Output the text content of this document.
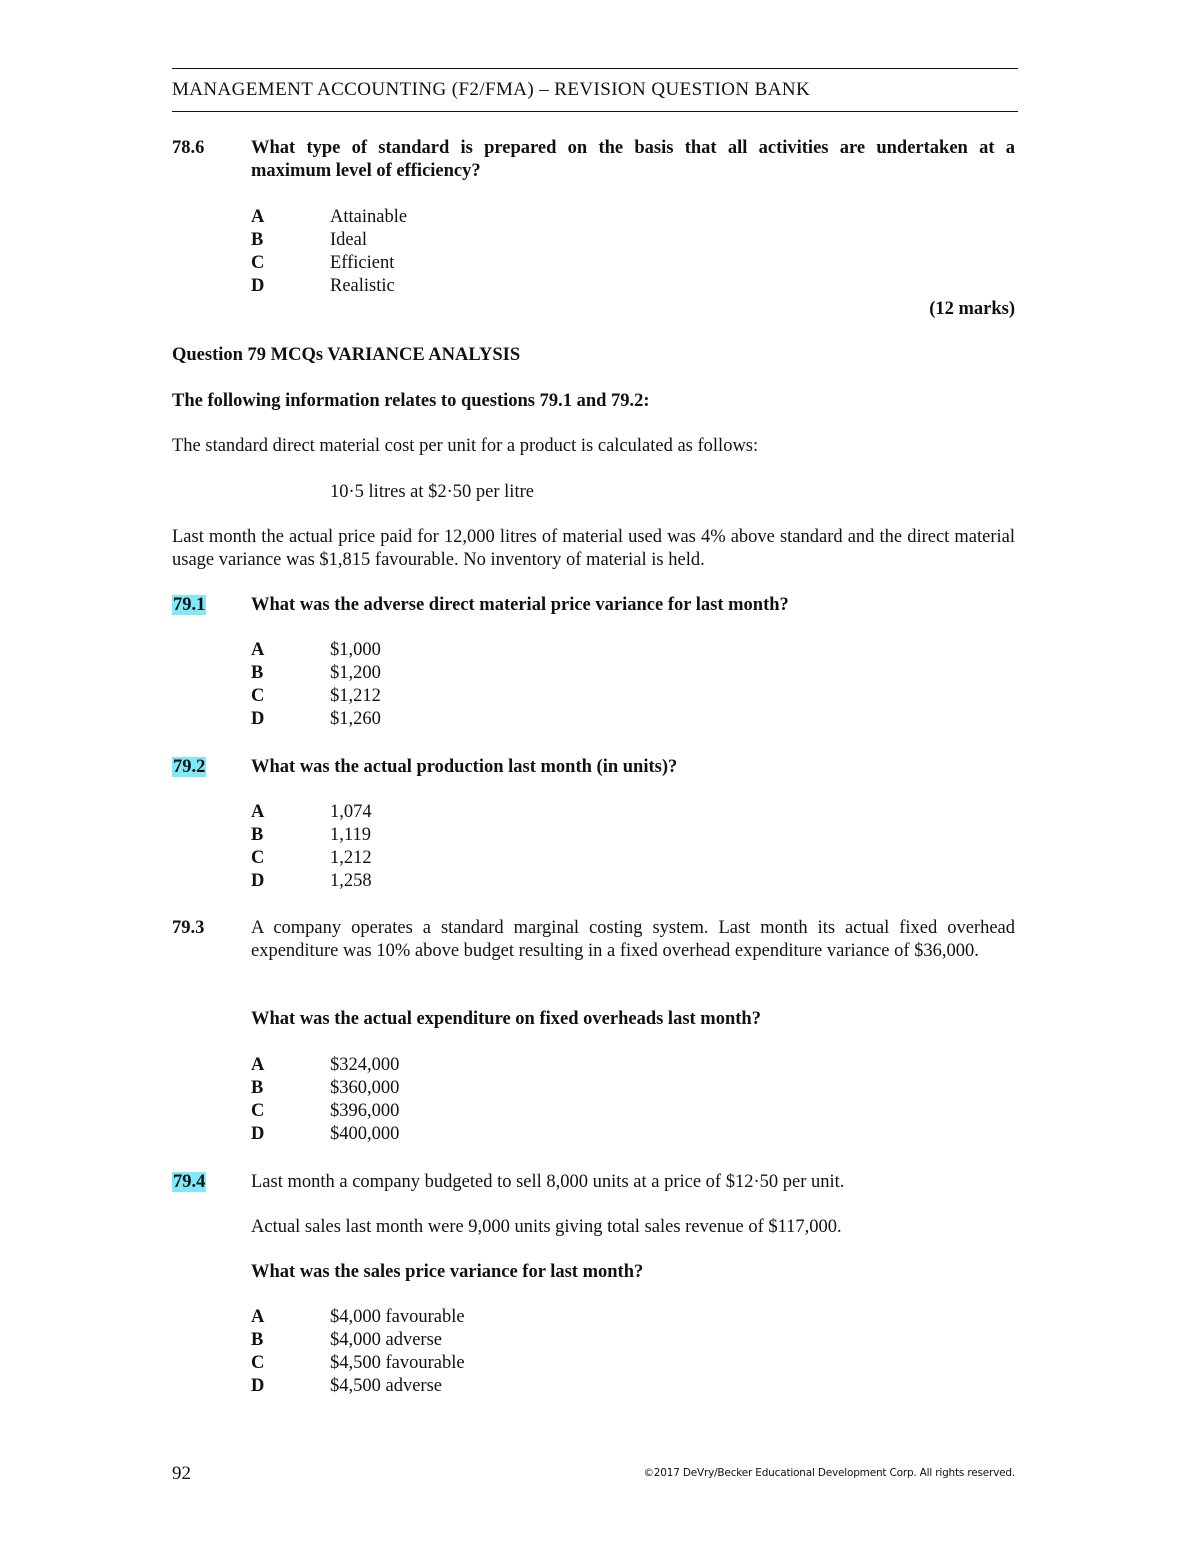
MANAGEMENT ACCOUNTING (F2/FMA) – REVISION QUESTION BANK
78.6	What type of standard is prepared on the basis that all activities are undertaken at a
maximum level of efficiency?
A	Attainable
B	Ideal
C	Efficient
D	Realistic
(12 marks)
Question 79 MCQs VARIANCE ANALYSIS
The following information relates to questions 79.1 and 79.2:
The standard direct material cost per unit for a product is calculated as follows:
10·5 litres at $2·50 per litre
Last month the actual price paid for 12,000 litres of material used was 4% above standard and the direct material usage variance was $1,815 favourable. No inventory of material is held.
79.1	What was the adverse direct material price variance for last month?
A	$1,000
B	$1,200
C	$1,212
D	$1,260
79.2	What was the actual production last month (in units)?
A	1,074
B	1,119
C	1,212
D	1,258
79.3	A company operates a standard marginal costing system. Last month its actual fixed overhead expenditure was 10% above budget resulting in a fixed overhead expenditure variance of $36,000.
What was the actual expenditure on fixed overheads last month?
A	$324,000
B	$360,000
C	$396,000
D	$400,000
79.4	Last month a company budgeted to sell 8,000 units at a price of $12·50 per unit.
Actual sales last month were 9,000 units giving total sales revenue of $117,000.
What was the sales price variance for last month?
A	$4,000 favourable
B	$4,000 adverse
C	$4,500 favourable
D	$4,500 adverse
92	©2017 DeVry/Becker Educational Development Corp. All rights reserved.
